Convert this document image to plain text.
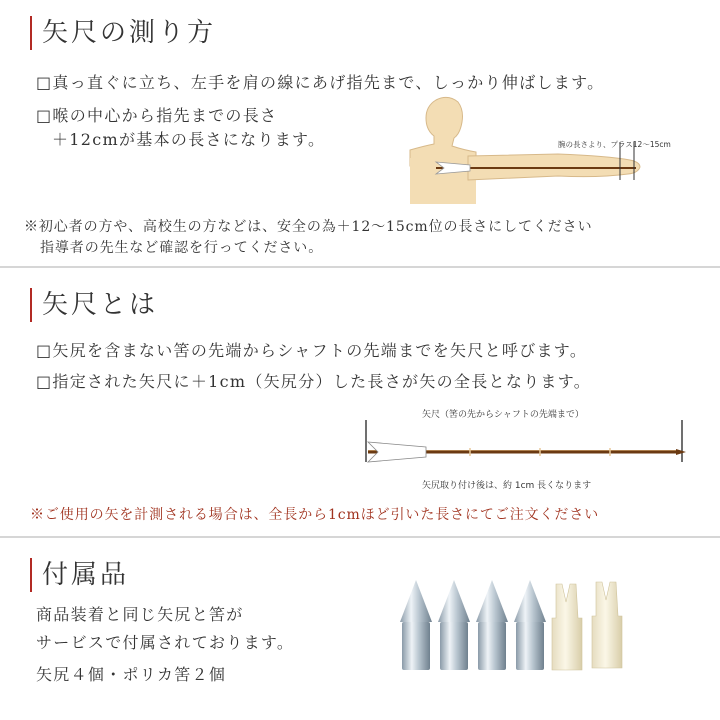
矢尺の測り方
□真っ直ぐに立ち、左手を肩の線にあげ指先まで、しっかり伸ばします。
□喉の中心から指先までの長さ
＋12cmが基本の長さになります。	腕の長さより、プラス12〜15cm
※初心者の方や、高校生の方などは、安全の為＋12〜15cm位の長さにしてください
指導者の先生など確認を行ってください。
矢尺とは
□矢尻を含まない筈の先端からシャフトの先端までを矢尺と呼びます。
□指定された矢尺に＋1cm（矢尻分）した長さが矢の全長となります。
矢尺（筈の先からシャフトの先端まで）
矢尻取り付け後は、約 1cm 長くなります
※ご使用の矢を計測される場合は、全長から1cmほど引いた長さにてご注文ください
付属品
商品装着と同じ矢尻と筈が
サービスで付属されております。
矢尻４個・ポリカ筈２個
